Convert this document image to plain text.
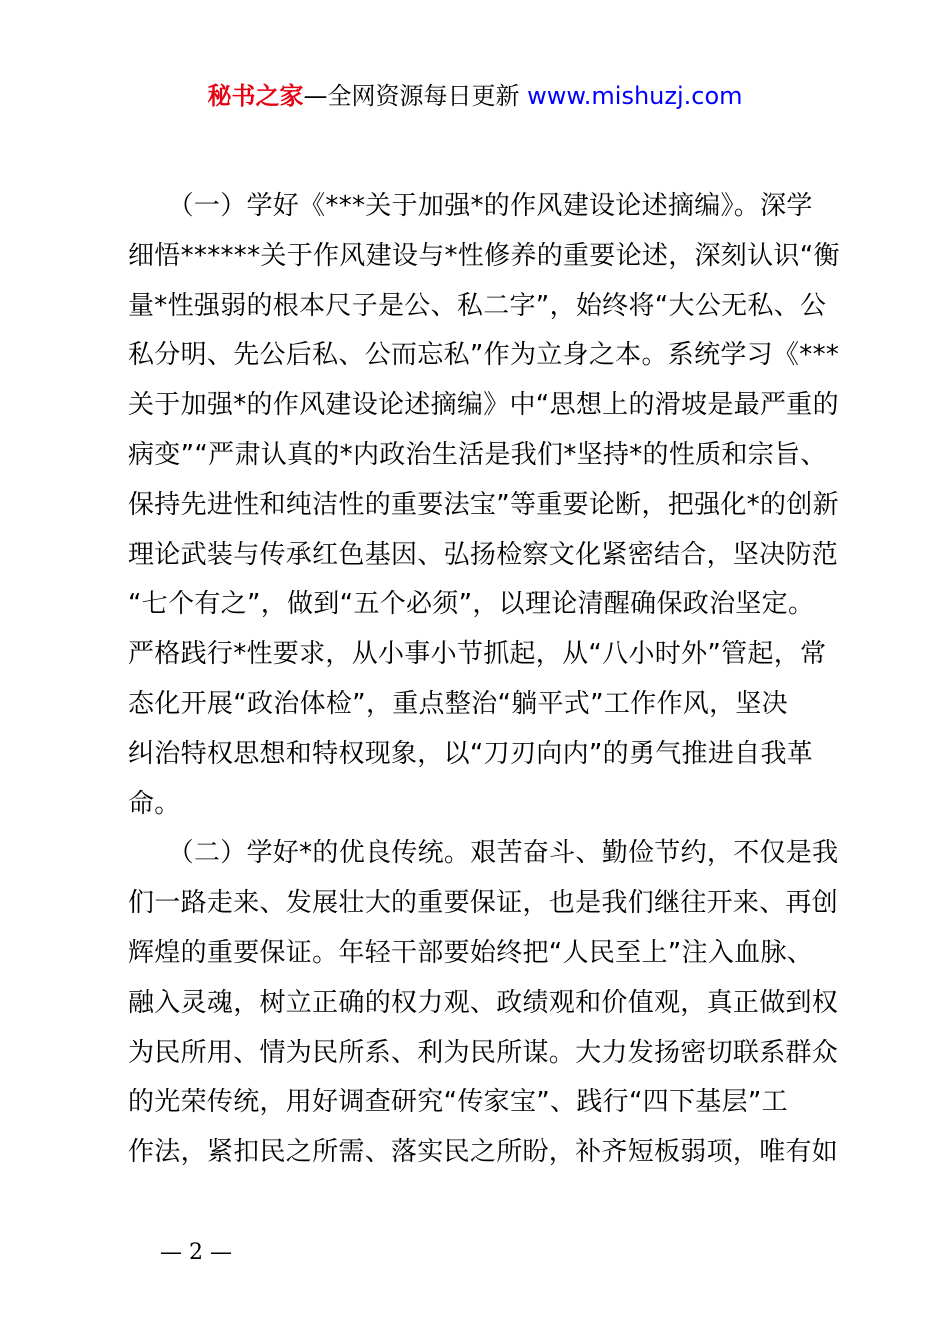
秘书之家—全网资源每日更新 www.mishuzj.com
　　（一）学好《***关于加强*的作风建设论述摘编》。深学
细悟******关于作风建设与*性修养的重要论述，深刻认识“衡
量*性强弱的根本尺子是公、私二字”，始终将“大公无私、公
私分明、先公后私、公而忘私”作为立身之本。系统学习《***
关于加强*的作风建设论述摘编》中“思想上的滑坡是最严重的
病变”“严肃认真的*内政治生活是我们*坚持*的性质和宗旨、
保持先进性和纯洁性的重要法宝”等重要论断，把强化*的创新
理论武装与传承红色基因、弘扬检察文化紧密结合，坚决防范
“七个有之”，做到“五个必须”，以理论清醒确保政治坚定。
严格践行*性要求，从小事小节抓起，从“八小时外”管起，常
态化开展“政治体检”，重点整治“躺平式”工作作风，坚决
纠治特权思想和特权现象，以“刀刃向内”的勇气推进自我革
命。
　　（二）学好*的优良传统。艰苦奋斗、勤俭节约，不仅是我
们一路走来、发展壮大的重要保证，也是我们继往开来、再创
辉煌的重要保证。年轻干部要始终把“人民至上”注入血脉、
融入灵魂，树立正确的权力观、政绩观和价值观，真正做到权
为民所用、情为民所系、利为民所谋。大力发扬密切联系群众
的光荣传统，用好调查研究“传家宝”、践行“四下基层”工
作法，紧扣民之所需、落实民之所盼，补齐短板弱项，唯有如
— 2 —
